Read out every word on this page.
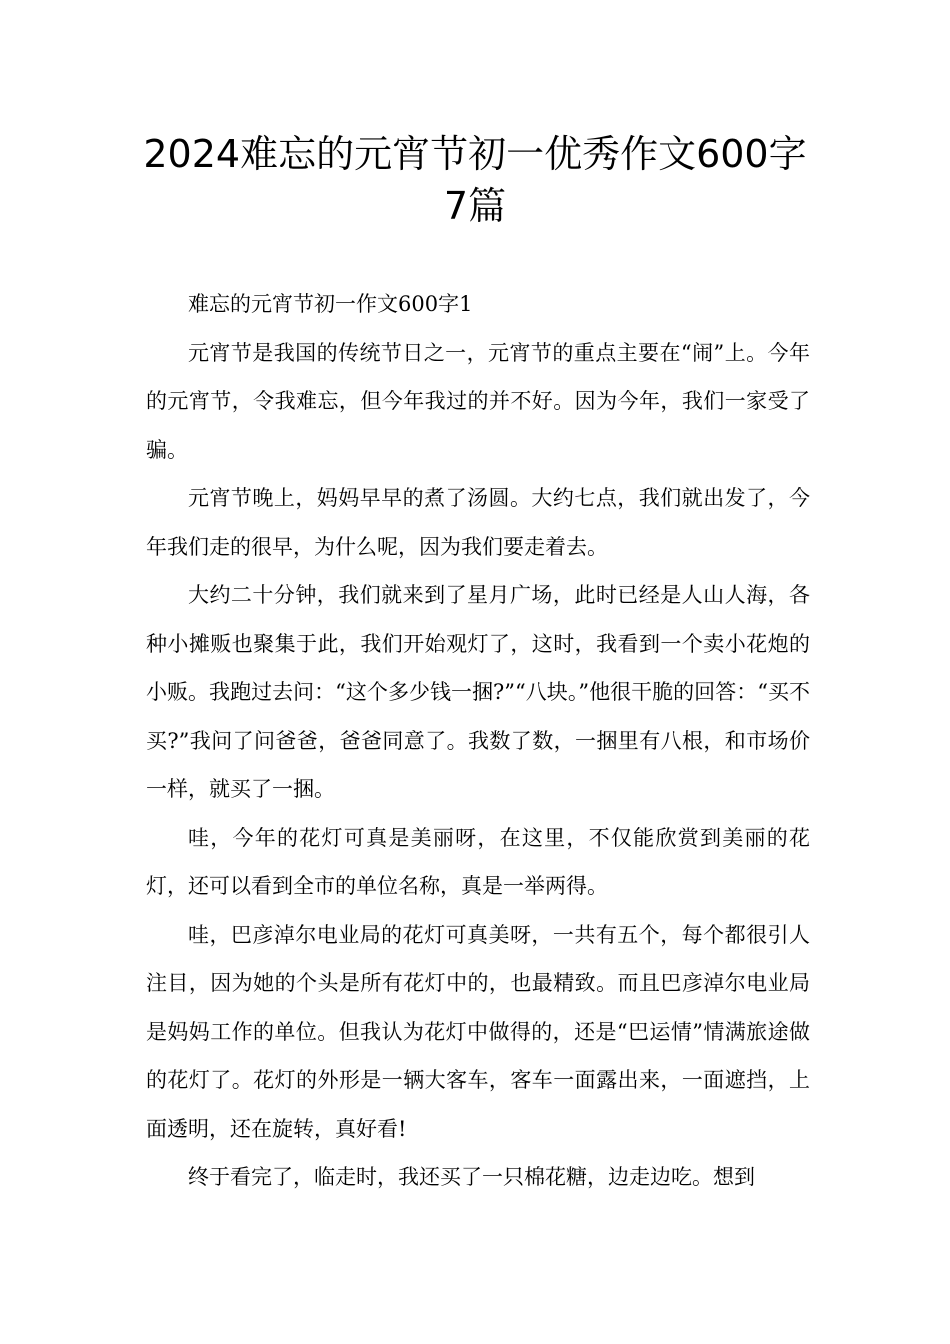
2024难忘的元宵节初一优秀作文600字
7篇

难忘的元宵节初一作文600字1

元宵节是我国的传统节日之一，元宵节的重点主要在“闹”上。今年的元宵节，令我难忘，但今年我过的并不好。因为今年，我们一家受了骗。

元宵节晚上，妈妈早早的煮了汤圆。大约七点，我们就出发了，今年我们走的很早，为什么呢，因为我们要走着去。

大约二十分钟，我们就来到了星月广场，此时已经是人山人海，各种小摊贩也聚集于此，我们开始观灯了，这时，我看到一个卖小花炮的小贩。我跑过去问：“这个多少钱一捆?”“八块。”他很干脆的回答：“买不买?”我问了问爸爸，爸爸同意了。我数了数，一捆里有八根，和市场价一样，就买了一捆。

哇，今年的花灯可真是美丽呀，在这里，不仅能欣赏到美丽的花灯，还可以看到全市的单位名称，真是一举两得。

哇，巴彦淖尔电业局的花灯可真美呀，一共有五个，每个都很引人注目，因为她的个头是所有花灯中的，也最精致。而且巴彦淖尔电业局是妈妈工作的单位。但我认为花灯中做得的，还是“巴运情”情满旅途做的花灯了。花灯的外形是一辆大客车，客车一面露出来，一面遮挡，上面透明，还在旋转，真好看!

终于看完了，临走时，我还买了一只棉花糖，边走边吃。想到
